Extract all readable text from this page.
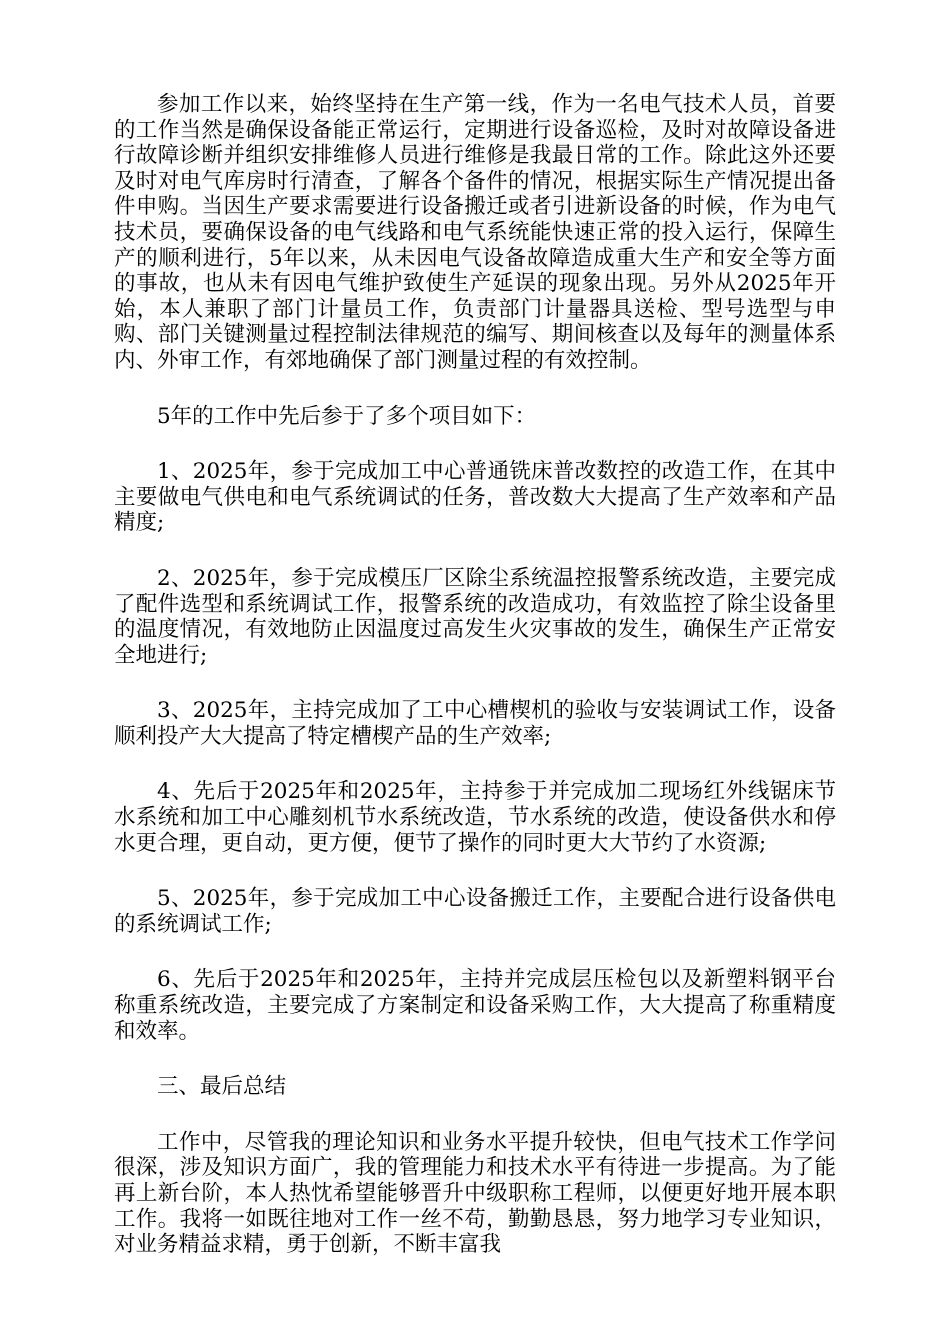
参加工作以来，始终坚持在生产第一线，作为一名电气技术人员，首要的工作当然是确保设备能正常运行，定期进行设备巡检，及时对故障设备进行故障诊断并组织安排维修人员进行维修是我最日常的工作。除此这外还要及时对电气库房时行清查，了解各个备件的情况，根据实际生产情况提出备件申购。当因生产要求需要进行设备搬迁或者引进新设备的时候，作为电气技术员，要确保设备的电气线路和电气系统能快速正常的投入运行，保障生产的顺利进行，5年以来，从未因电气设备故障造成重大生产和安全等方面的事故，也从未有因电气维护致使生产延误的现象出现。另外从2025年开始，本人兼职了部门计量员工作，负责部门计量器具送检、型号选型与申购、部门关键测量过程控制法律规范的编写、期间核查以及每年的测量体系内、外审工作，有郊地确保了部门测量过程的有效控制。

5年的工作中先后参于了多个项目如下：

1、2025年，参于完成加工中心普通铣床普改数控的改造工作，在其中主要做电气供电和电气系统调试的任务，普改数大大提高了生产效率和产品精度;

2、2025年，参于完成模压厂区除尘系统温控报警系统改造，主要完成了配件选型和系统调试工作，报警系统的改造成功，有效监控了除尘设备里的温度情况，有效地防止因温度过高发生火灾事故的发生，确保生产正常安全地进行;

3、2025年，主持完成加了工中心槽楔机的验收与安装调试工作，设备顺利投产大大提高了特定槽楔产品的生产效率;

4、先后于2025年和2025年，主持参于并完成加二现场红外线锯床节水系统和加工中心雕刻机节水系统改造，节水系统的改造，使设备供水和停水更合理，更自动，更方便，便节了操作的同时更大大节约了水资源;

5、2025年，参于完成加工中心设备搬迁工作，主要配合进行设备供电的系统调试工作;

6、先后于2025年和2025年，主持并完成层压检包以及新塑料钢平台称重系统改造，主要完成了方案制定和设备采购工作，大大提高了称重精度和效率。

三、最后总结

工作中，尽管我的理论知识和业务水平提升较快，但电气技术工作学问很深，涉及知识方面广，我的管理能力和技术水平有待进一步提高。为了能再上新台阶，本人热忱希望能够晋升中级职称工程师，以便更好地开展本职工作。我将一如既往地对工作一丝不苟，勤勤恳恳，努力地学习专业知识，对业务精益求精，勇于创新，不断丰富我
